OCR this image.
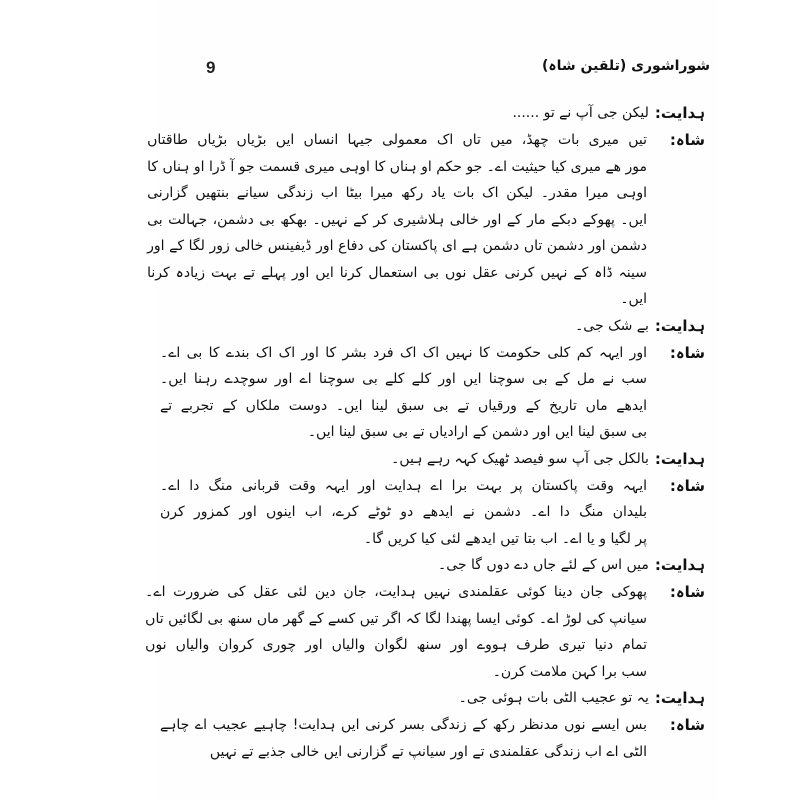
9	شوراشوری (تلقین شاہ)
ہدایت:
لیکن جی آپ نے تو ......
شاہ:
تیں میری بات چھڈ، میں تاں اک معمولی جیہا انساں ایں بڑیاں بڑیاں طاقتاں
مور ھے میری کیا حیثیت اے۔ جو حکم او ہناں کا اوہی میری قسمت جو آ ڈرا او ہناں کا
اوہی میرا مقدر۔ لیکن اک بات یاد رکھ میرا بیٹا اب زندگی سیانے بنتھیں گزارنی
ایں۔ پھوکے دبکے مار کے اور خالی ہلاشیری کر کے نہیں۔ بھکھ بی دشمن، جہالت بی
دشمن اور دشمن تاں دشمن ہے ای پاکستان کی دفاع اور ڈیفینس خالی زور لگا کے اور
سینہ ڈاہ کے نہیں کرنی عقل نوں بی استعمال کرنا ایں اور پہلے تے بہت زیادہ کرنا
ایں۔
ہدایت:
بے شک جی۔
شاہ:
اور ایہہ کم کلی حکومت کا نہیں اک اک فرد بشر کا اور اک اک بندے کا بی اے۔
سب نے مل کے بی سوچنا ایں اور کلے کلے بی سوچنا اے اور سوچدے رہنا ایں۔
ایدھے ماں تاریخ کے ورقیاں تے بی سبق لینا ایں۔ دوست ملکاں کے تجربے تے
بی سبق لینا ایں اور دشمن کے ارادیاں تے بی سبق لینا ایں۔
ہدایت:
بالکل جی آپ سو فیصد ٹھیک کہہ رہے ہیں۔
شاہ:
ایہہ وقت پاکستان پر بہت برا اے ہدایت اور ایہہ وقت قربانی منگ دا اے۔
بلیدان منگ دا اے۔ دشمن نے ایدھے دو ٹوٹے کرے، اب اینوں اور کمزور کرن
پر لگیا و یا اے۔ اب بتا تیں ایدھے لئی کیا کریں گا۔
ہدایت:
میں اس کے لئے جاں دے دوں گا جی۔
شاہ:
پھوکی جان دینا کوئی عقلمندی نہیں ہدایت، جان دین لئی عقل کی ضرورت اے۔
سیانپ کی لوڑ اے۔ کوئی ایسا پھندا لگا کہ اگر تیں کسے کے گھر ماں سنھ بی لگائیں تاں
تمام دنیا تیری طرف ہووے اور سنھ لگوان والیاں اور چوری کروان والیاں نوں
سب برا کہن ملامت کرن۔
ہدایت:
یہ تو عجیب الٹی بات ہوئی جی۔
شاہ:
بس ایسے نوں مدنظر رکھ کے زندگی بسر کرنی ایں ہدایت! چاہیے عجیب اے چاہے
الٹی اے اب زندگی عقلمندی تے اور سیانپ تے گزارنی ایں خالی جذبے تے نہیں
